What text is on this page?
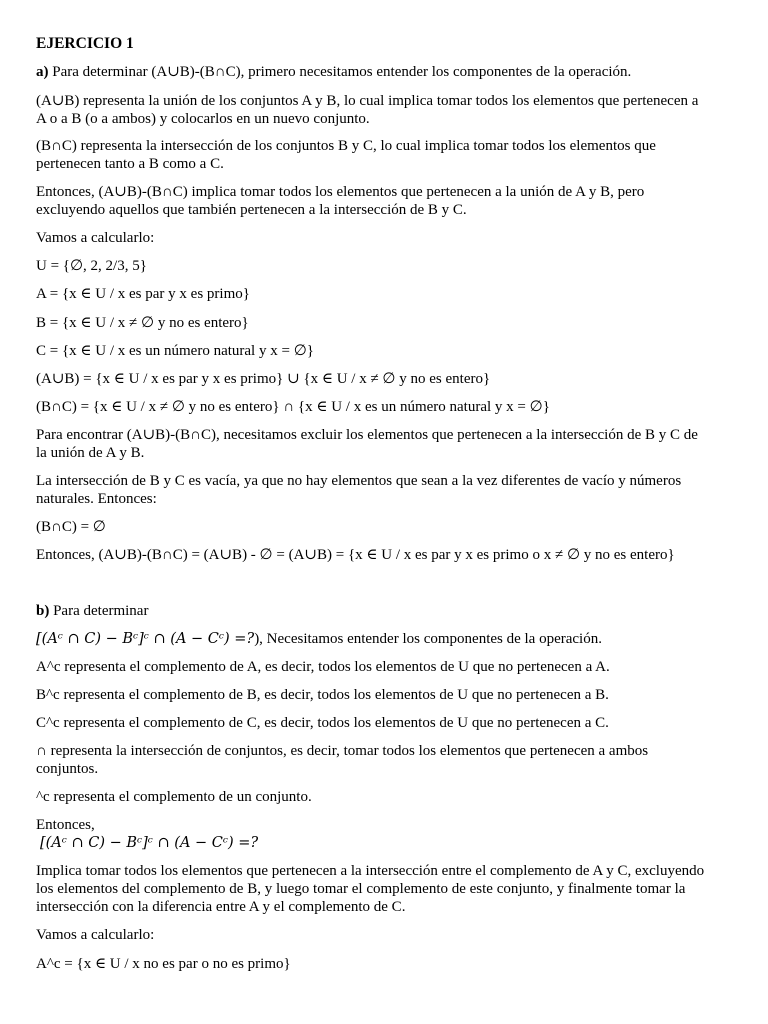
EJERCICIO 1
a) Para determinar (A∪B)-(B∩C), primero necesitamos entender los componentes de la operación.
(A∪B) representa la unión de los conjuntos A y B, lo cual implica tomar todos los elementos que pertenecen a
A o a B (o a ambos) y colocarlos en un nuevo conjunto.
(B∩C) representa la intersección de los conjuntos B y C, lo cual implica tomar todos los elementos que
pertenecen tanto a B como a C.
Entonces, (A∪B)-(B∩C) implica tomar todos los elementos que pertenecen a la unión de A y B, pero
excluyendo aquellos que también pertenecen a la intersección de B y C.
Vamos a calcularlo:
U = {∅, 2, 2/3, 5}
A = {x ∈ U / x es par y x es primo}
B = {x ∈ U / x ≠ ∅ y no es entero}
C = {x ∈ U / x es un número natural y x = ∅}
(A∪B) = {x ∈ U / x es par y x es primo} ∪ {x ∈ U / x ≠ ∅ y no es entero}
(B∩C) = {x ∈ U / x ≠ ∅ y no es entero} ∩ {x ∈ U / x es un número natural y x = ∅}
Para encontrar (A∪B)-(B∩C), necesitamos excluir los elementos que pertenecen a la intersección de B y C de
la unión de A y B.
La intersección de B y C es vacía, ya que no hay elementos que sean a la vez diferentes de vacío y números
naturales. Entonces:
(B∩C) = ∅
Entonces, (A∪B)-(B∩C) = (A∪B) - ∅ = (A∪B) = {x ∈ U / x es par y x es primo o x ≠ ∅ y no es entero}
b) Para determinar
[(Aᶜ ∩ C) − Bᶜ]ᶜ ∩ (A − Cᶜ) =?), Necesitamos entender los componentes de la operación.
A^c representa el complemento de A, es decir, todos los elementos de U que no pertenecen a A.
B^c representa el complemento de B, es decir, todos los elementos de U que no pertenecen a B.
C^c representa el complemento de C, es decir, todos los elementos de U que no pertenecen a C.
∩ representa la intersección de conjuntos, es decir, tomar todos los elementos que pertenecen a ambos
conjuntos.
^c representa el complemento de un conjunto.
Entonces,
[(Aᶜ ∩ C) − Bᶜ]ᶜ ∩ (A − Cᶜ) =?
Implica tomar todos los elementos que pertenecen a la intersección entre el complemento de A y C, excluyendo
los elementos del complemento de B, y luego tomar el complemento de este conjunto, y finalmente tomar la
intersección con la diferencia entre A y el complemento de C.
Vamos a calcularlo:
A^c = {x ∈ U / x no es par o no es primo}
